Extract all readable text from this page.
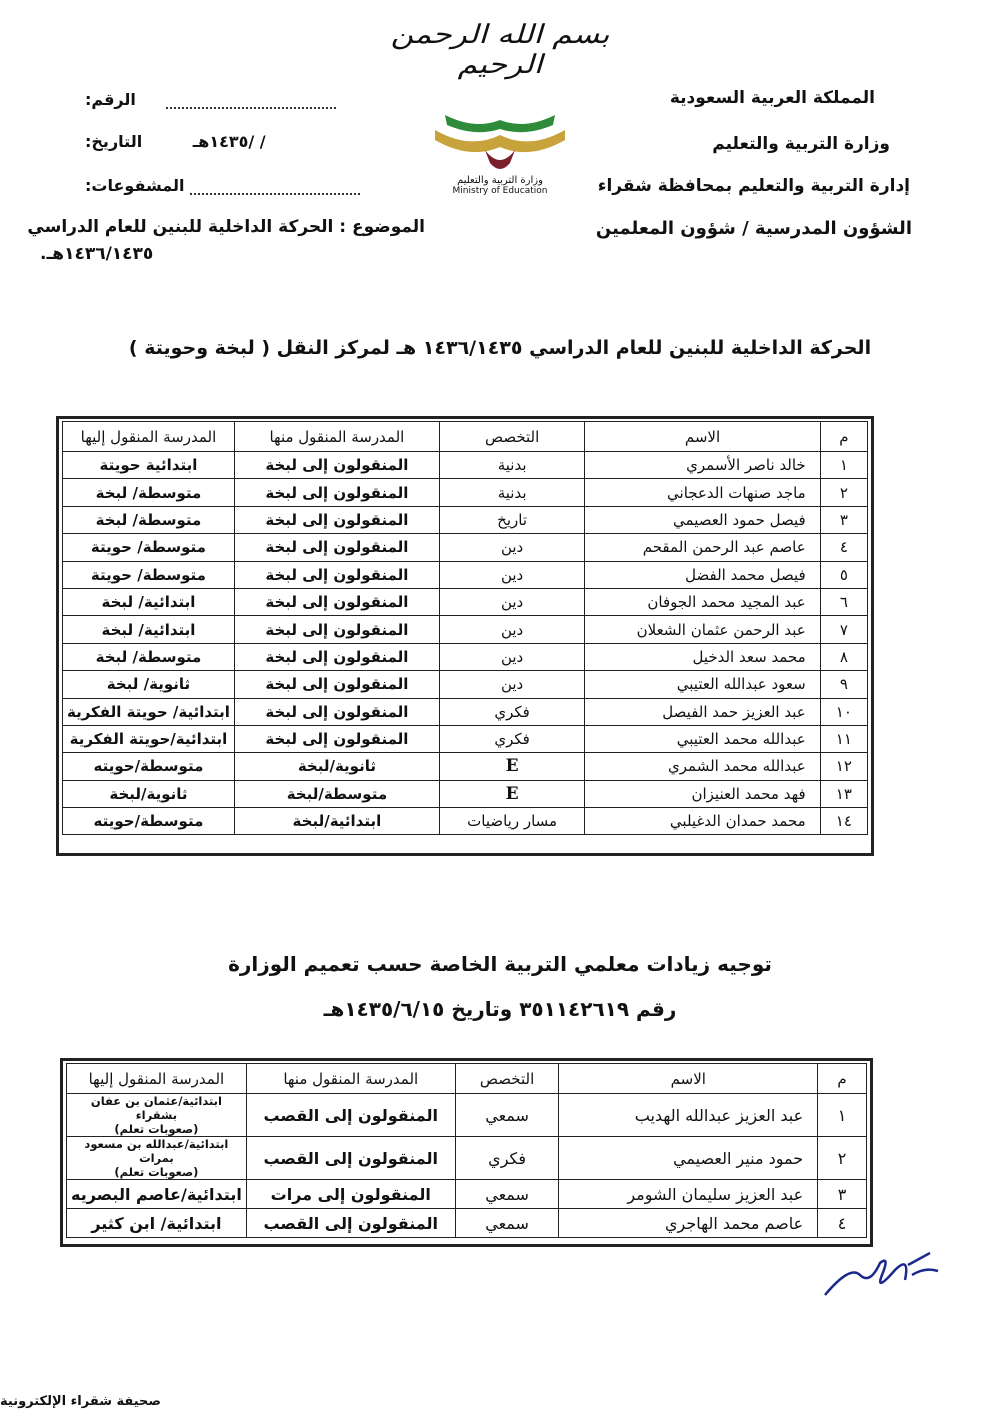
المملكة العربية السعودية
وزارة التربية والتعليم
إدارة التربية والتعليم بمحافظة شقراء
الشؤون المدرسية / شؤون المعلمين
بسم الله الرحمن الرحيم
وزارة التربية والتعليم
Ministry of Education
الرقم:
/ /١٤٣٥هـ التاريخ:
المشفوعات:
الموضوع : الحركة الداخلية للبنين للعام الدراسي
١٤٣٦/١٤٣٥هـ.
الحركة الداخلية للبنين للعام الدراسي ١٤٣٦/١٤٣٥ هـ لمركز النقل ( لبخة وحويتة )
م	الاسم	التخصص	المدرسة المنقول منها	المدرسة المنقول إليها
١	خالد ناصر الأسمري	بدنية	المنقولون إلى لبخة	ابتدائية حويتة
٢	ماجد صنهات الدعجاني	بدنية	المنقولون إلى لبخة	متوسطة/ لبخة
٣	فيصل حمود العصيمي	تاريخ	المنقولون إلى لبخة	متوسطة/ لبخة
٤	عاصم عبد الرحمن المقحم	دين	المنقولون إلى لبخة	متوسطة/ حويتة
٥	فيصل محمد الفضل	دين	المنقولون إلى لبخة	متوسطة/ حويتة
٦	عبد المجيد محمد الجوفان	دين	المنقولون إلى لبخة	ابتدائية/ لبخة
٧	عبد الرحمن عثمان الشعلان	دين	المنقولون إلى لبخة	ابتدائية/ لبخة
٨	محمد سعد الدخيل	دين	المنقولون إلى لبخة	متوسطة/ لبخة
٩	سعود عبدالله العتيبي	دين	المنقولون إلى لبخة	ثانوية/ لبخة
١٠	عبد العزيز حمد الفيصل	فكري	المنقولون إلى لبخة	ابتدائية/ حويتة الفكرية
١١	عبدالله محمد العتيبي	فكري	المنقولون إلى لبخة	ابتدائية/حويتة الفكرية
١٢	عبدالله محمد الشمري	E	ثانوية/لبخة	متوسطة/حويته
١٣	فهد محمد العنيزان	E	متوسطة/لبخة	ثانوية/لبخة
١٤	محمد حمدان الدغيلبي	مسار رياضيات	ابتدائية/لبخة	متوسطة/حويته
توجيه زيادات معلمي التربية الخاصة حسب تعميم الوزارة
رقم ٣٥١١٤٢٦١٩ وتاريخ ١٤٣٥/٦/١٥هـ
م	الاسم	التخصص	المدرسة المنقول منها	المدرسة المنقول إليها
١	عبد العزيز عبدالله الهديب	سمعي	المنقولون إلى القصب	ابتدائية/عثمان بن عفان بشقراء
(صعوبات تعلم)

٢	حمود منير العصيمي	فكري	المنقولون إلى القصب	ابتدائية/عبدالله بن مسعود بمرات
(صعوبات تعلم)

٣	عبد العزيز سليمان الشومر	سمعي	المنقولون إلى مرات	ابتدائية/عاصم البصريه
٤	عاصم محمد الهاجري	سمعي	المنقولون إلى القصب	ابتدائية/ ابن كثير
صحيفة شقراء الإلكترونية
